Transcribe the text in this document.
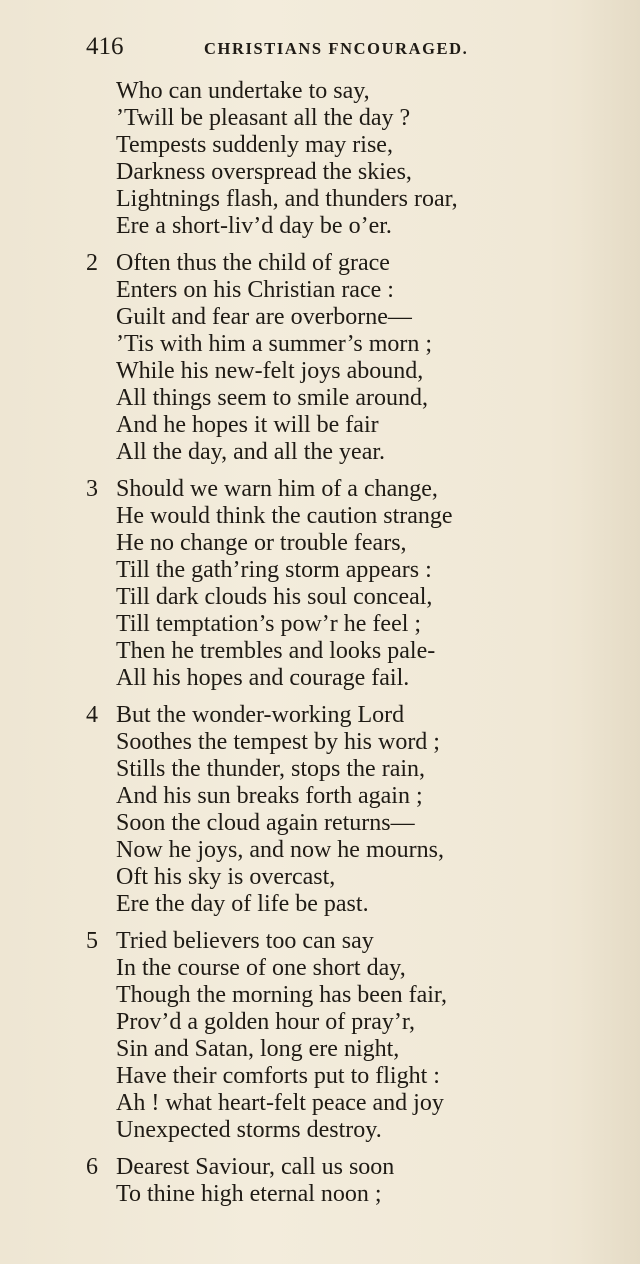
416	CHRISTIANS FNCOURAGED.
Who can undertake to say,
’Twill be pleasant all the day ?
Tempests suddenly may rise,
Darkness overspread the skies,
Lightnings flash, and thunders roar,
Ere a short-liv’d day be o’er.
2 Often thus the child of grace
Enters on his Christian race :
Guilt and fear are overborne—
’Tis with him a summer’s morn ;
While his new-felt joys abound,
All things seem to smile around,
And he hopes it will be fair
All the day, and all the year.
3 Should we warn him of a change,
He would think the caution strange
He no change or trouble fears,
Till the gath’ring storm appears :
Till dark clouds his soul conceal,
Till temptation’s pow’r he feel ;
Then he trembles and looks pale-
All his hopes and courage fail.
4 But the wonder-working Lord
Soothes the tempest by his word ;
Stills the thunder, stops the rain,
And his sun breaks forth again ;
Soon the cloud again returns—
Now he joys, and now he mourns,
Oft his sky is overcast,
Ere the day of life be past.
5 Tried believers too can say
In the course of one short day,
Though the morning has been fair,
Prov’d a golden hour of pray’r,
Sin and Satan, long ere night,
Have their comforts put to flight :
Ah ! what heart-felt peace and joy
Unexpected storms destroy.
6 Dearest Saviour, call us soon
To thine high eternal noon ;
